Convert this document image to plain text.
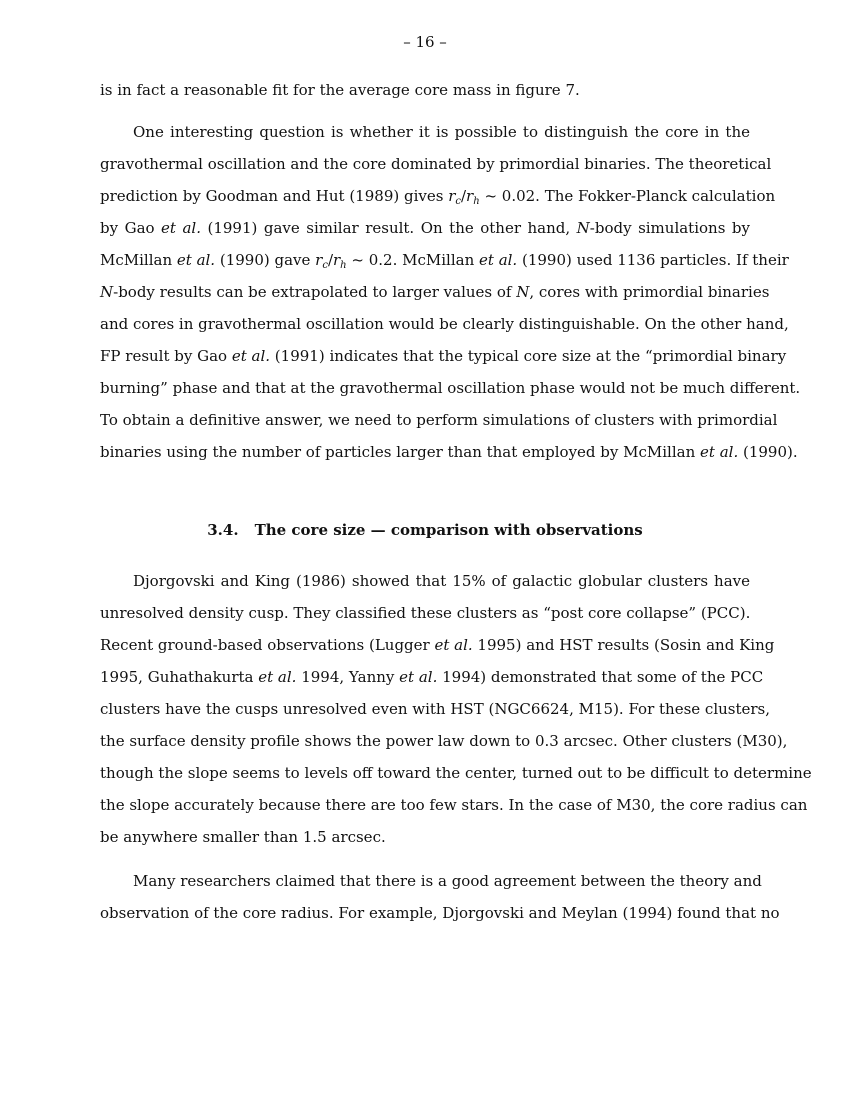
– 16 –
is in fact a reasonable fit for the average core mass in figure 7.
One interesting question is whether it is possible to distinguish the core in the
gravothermal oscillation and the core dominated by primordial binaries. The theoretical
prediction by Goodman and Hut (1989) gives $r_c/r_h$ ~ 0.02. The Fokker-Planck calculation
by Gao et al. (1991) gave similar result. On the other hand, N-body simulations by
McMillan et al. (1990) gave $r_c/r_h$ ~ 0.2. McMillan et al. (1990) used 1136 particles. If their
N-body results can be extrapolated to larger values of N, cores with primordial binaries
and cores in gravothermal oscillation would be clearly distinguishable. On the other hand,
FP result by Gao et al. (1991) indicates that the typical core size at the “primordial binary
burning” phase and that at the gravothermal oscillation phase would not be much different.
To obtain a definitive answer, we need to perform simulations of clusters with primordial
binaries using the number of particles larger than that employed by McMillan et al. (1990).
Djorgovski and King (1986) showed that 15% of galactic globular clusters have
unresolved density cusp. They classified these clusters as “post core collapse” (PCC).
Recent ground-based observations (Lugger et al. 1995) and HST results (Sosin and King
1995, Guhathakurta et al. 1994, Yanny et al. 1994) demonstrated that some of the PCC
clusters have the cusps unresolved even with HST (NGC6624, M15). For these clusters,
the surface density profile shows the power law down to 0.3 arcsec. Other clusters (M30),
though the slope seems to levels off toward the center, turned out to be difficult to determine
the slope accurately because there are too few stars. In the case of M30, the core radius can
be anywhere smaller than 1.5 arcsec.
Many researchers claimed that there is a good agreement between the theory and
observation of the core radius. For example, Djorgovski and Meylan (1994) found that no
3.4. The core size — comparison with observations
